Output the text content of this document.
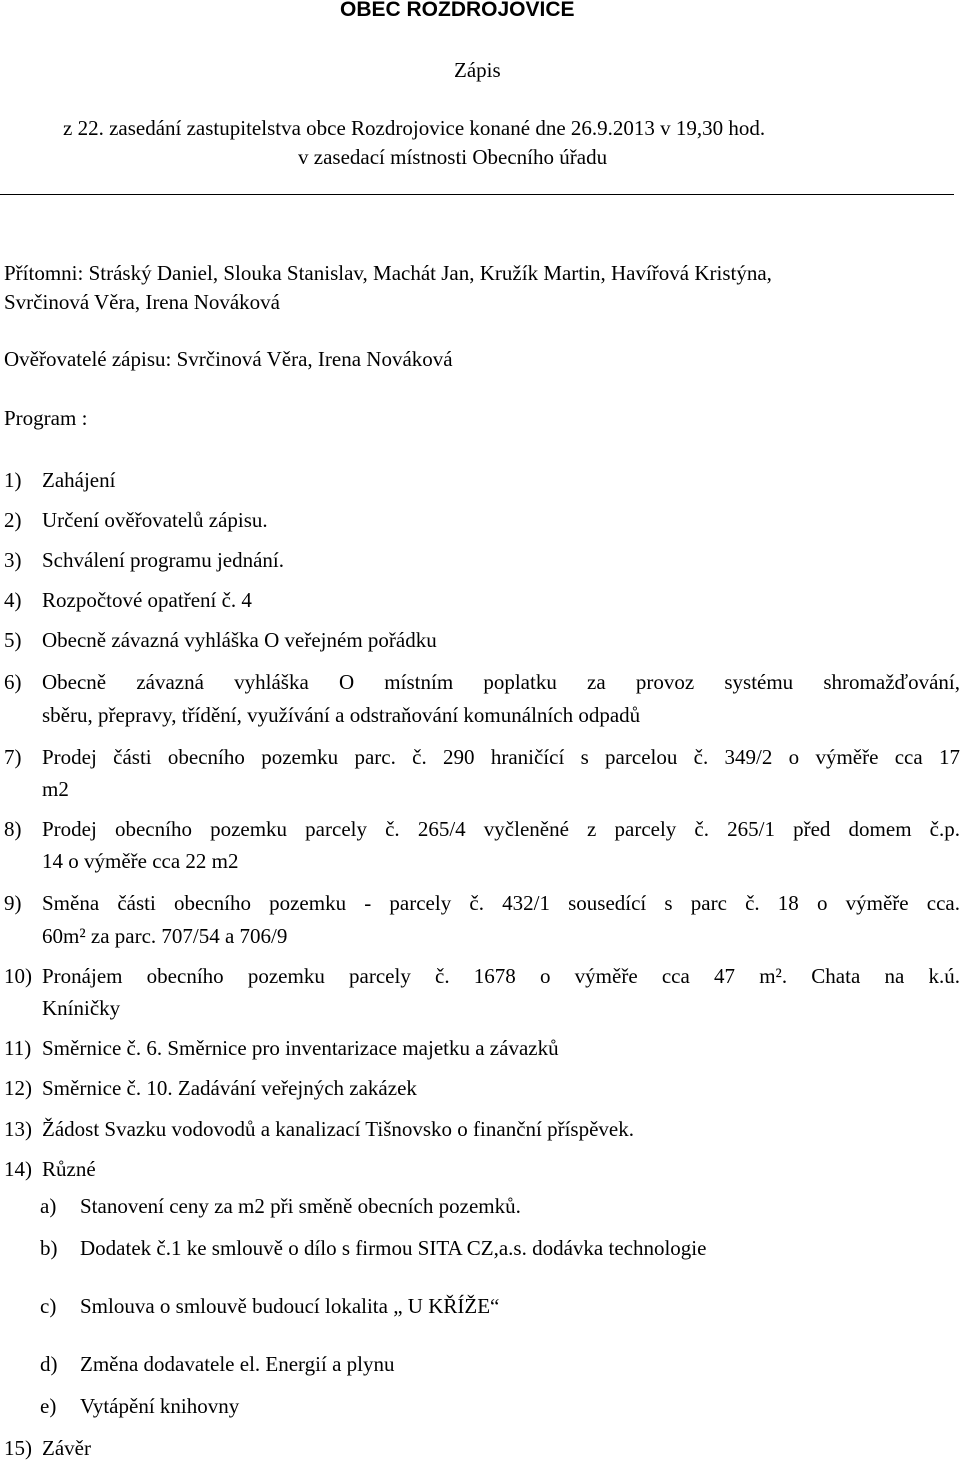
OBEC ROZDROJOVICE
Zápis
z 22. zasedání zastupitelstva obce Rozdrojovice konané dne 26.9.2013 v 19,30 hod.
v zasedací místnosti Obecního úřadu
Přítomni: Stráský Daniel, Slouka Stanislav, Machát Jan, Kružík Martin, Havířová Kristýna,
Svrčinová Věra, Irena Nováková
Ověřovatelé zápisu: Svrčinová Věra, Irena Nováková
Program :
1) Zahájení
2) Určení ověřovatelů zápisu.
3) Schválení programu jednání.
4) Rozpočtové opatření č. 4
5) Obecně závazná vyhláška O veřejném pořádku
6) Obecně závazná vyhláška O místním poplatku za provoz systému shromažďování,
sběru, přepravy, třídění, využívání a odstraňování komunálních odpadů
7) Prodej části obecního pozemku parc. č. 290 hraničící s parcelou č. 349/2 o výměře cca 17
m2
8) Prodej obecního pozemku parcely č. 265/4 vyčleněné z parcely č. 265/1 před domem č.p.
14 o výměře cca 22 m2
9) Směna části obecního pozemku - parcely č. 432/1 sousedící s parc č. 18 o výměře cca.
60m² za parc. 707/54 a 706/9
10) Pronájem obecního pozemku parcely č. 1678 o výměře cca 47 m². Chata na k.ú.
Kníničky
11) Směrnice č. 6. Směrnice pro inventarizace majetku a závazků
12) Směrnice č. 10. Zadávání veřejných zakázek
13) Žádost Svazku vodovodů a kanalizací Tišnovsko o finanční příspěvek.
14) Různé
a) Stanovení ceny za m2 při směně obecních pozemků.
b) Dodatek č.1 ke smlouvě o dílo s firmou SITA CZ,a.s. dodávka technologie
c) Smlouva o smlouvě budoucí lokalita „ U KŘÍŽE“
d) Změna dodavatele el. Energií a plynu
e) Vytápění knihovny
15) Závěr
